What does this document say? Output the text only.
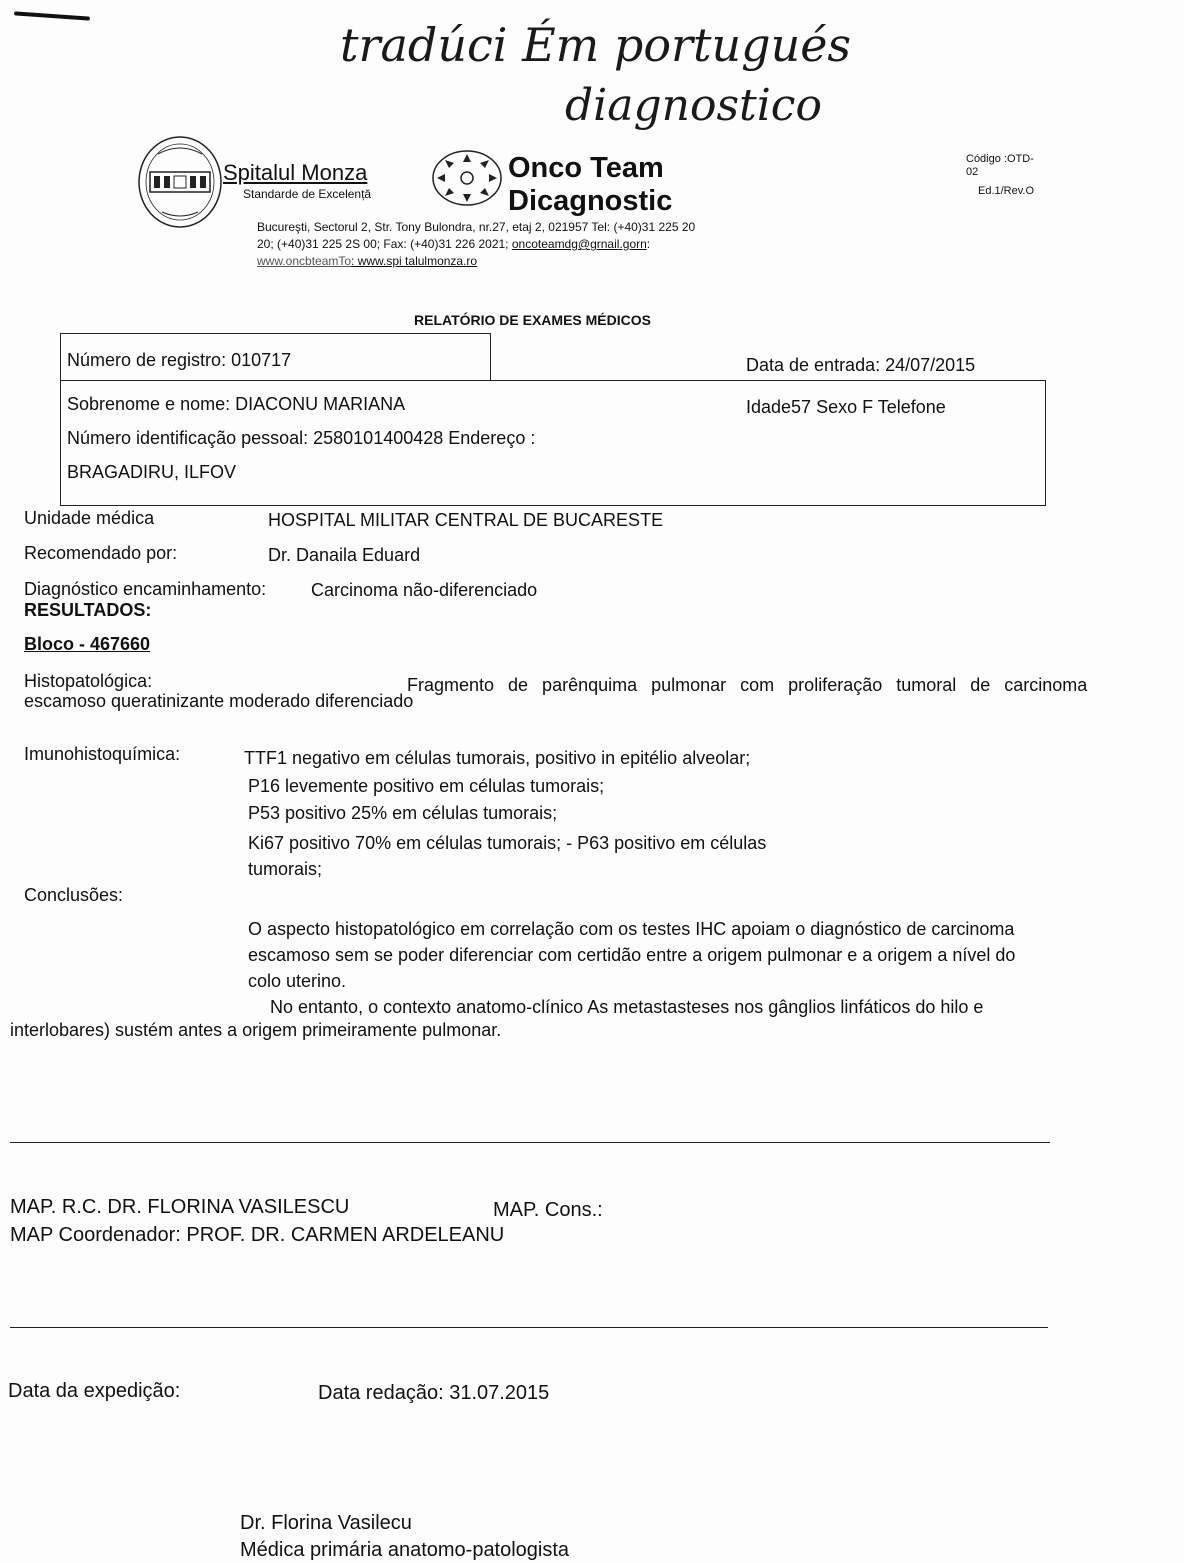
tradúci Ém portugués
diagnostico
Spitalul Monza
Standarde de Excelență
Onco Team
Dicagnostic
Código :OTD-
02
Ed.1/Rev.O
Bucureşti, Sectorul 2, Str. Tony Bulondra, nr.27, etaj 2, 021957 Tel: (+40)31 225 20
20; (+40)31 225 2S 00; Fax: (+40)31 226 2021; oncoteamdg@grnail.gorn:
www.oncbteamTo: www.spi talulmonza.ro
RELATÓRIO DE EXAMES MÉDICOS
Número de registro: 010717	Data de entrada: 24/07/2015
Sobrenome e nome: DIACONU MARIANA	Idade57 Sexo F Telefone
Número identificação pessoal: 2580101400428 Endereço :
BRAGADIRU, ILFOV
Unidade médica	HOSPITAL MILITAR CENTRAL DE BUCARESTE
Recomendado por:	Dr. Danaila Eduard
Diagnóstico encaminhamento: Carcinoma não-diferenciado
RESULTADOS:
Bloco - 467660
Histopatológica:	Fragmento de parênquima pulmonar com proliferação tumoral de carcinoma
escamoso queratinizante moderado diferenciado
Imunohistoquímica:	TTF1 negativo em células tumorais, positivo in epitélio alveolar;
P16 levemente positivo em células tumorais;
P53 positivo 25% em células tumorais;
Ki67 positivo 70% em células tumorais; - P63 positivo em células
tumorais;
Conclusões:
O aspecto histopatológico em correlação com os testes IHC apoiam o diagnóstico de carcinoma
escamoso sem se poder diferenciar com certidão entre a origem pulmonar e a origem a nível do
colo uterino.
No entanto, o contexto anatomo-clínico As metastasteses nos gânglios linfáticos do hilo e
interlobares) sustém antes a origem primeiramente pulmonar.
MAP. R.C. DR. FLORINA VASILESCU	MAP. Cons.:
MAP Coordenador: PROF. DR. CARMEN ARDELEANU
Data da expedição:	Data redação: 31.07.2015
Dr. Florina Vasilecu
Médica primária anatomo-patologista
